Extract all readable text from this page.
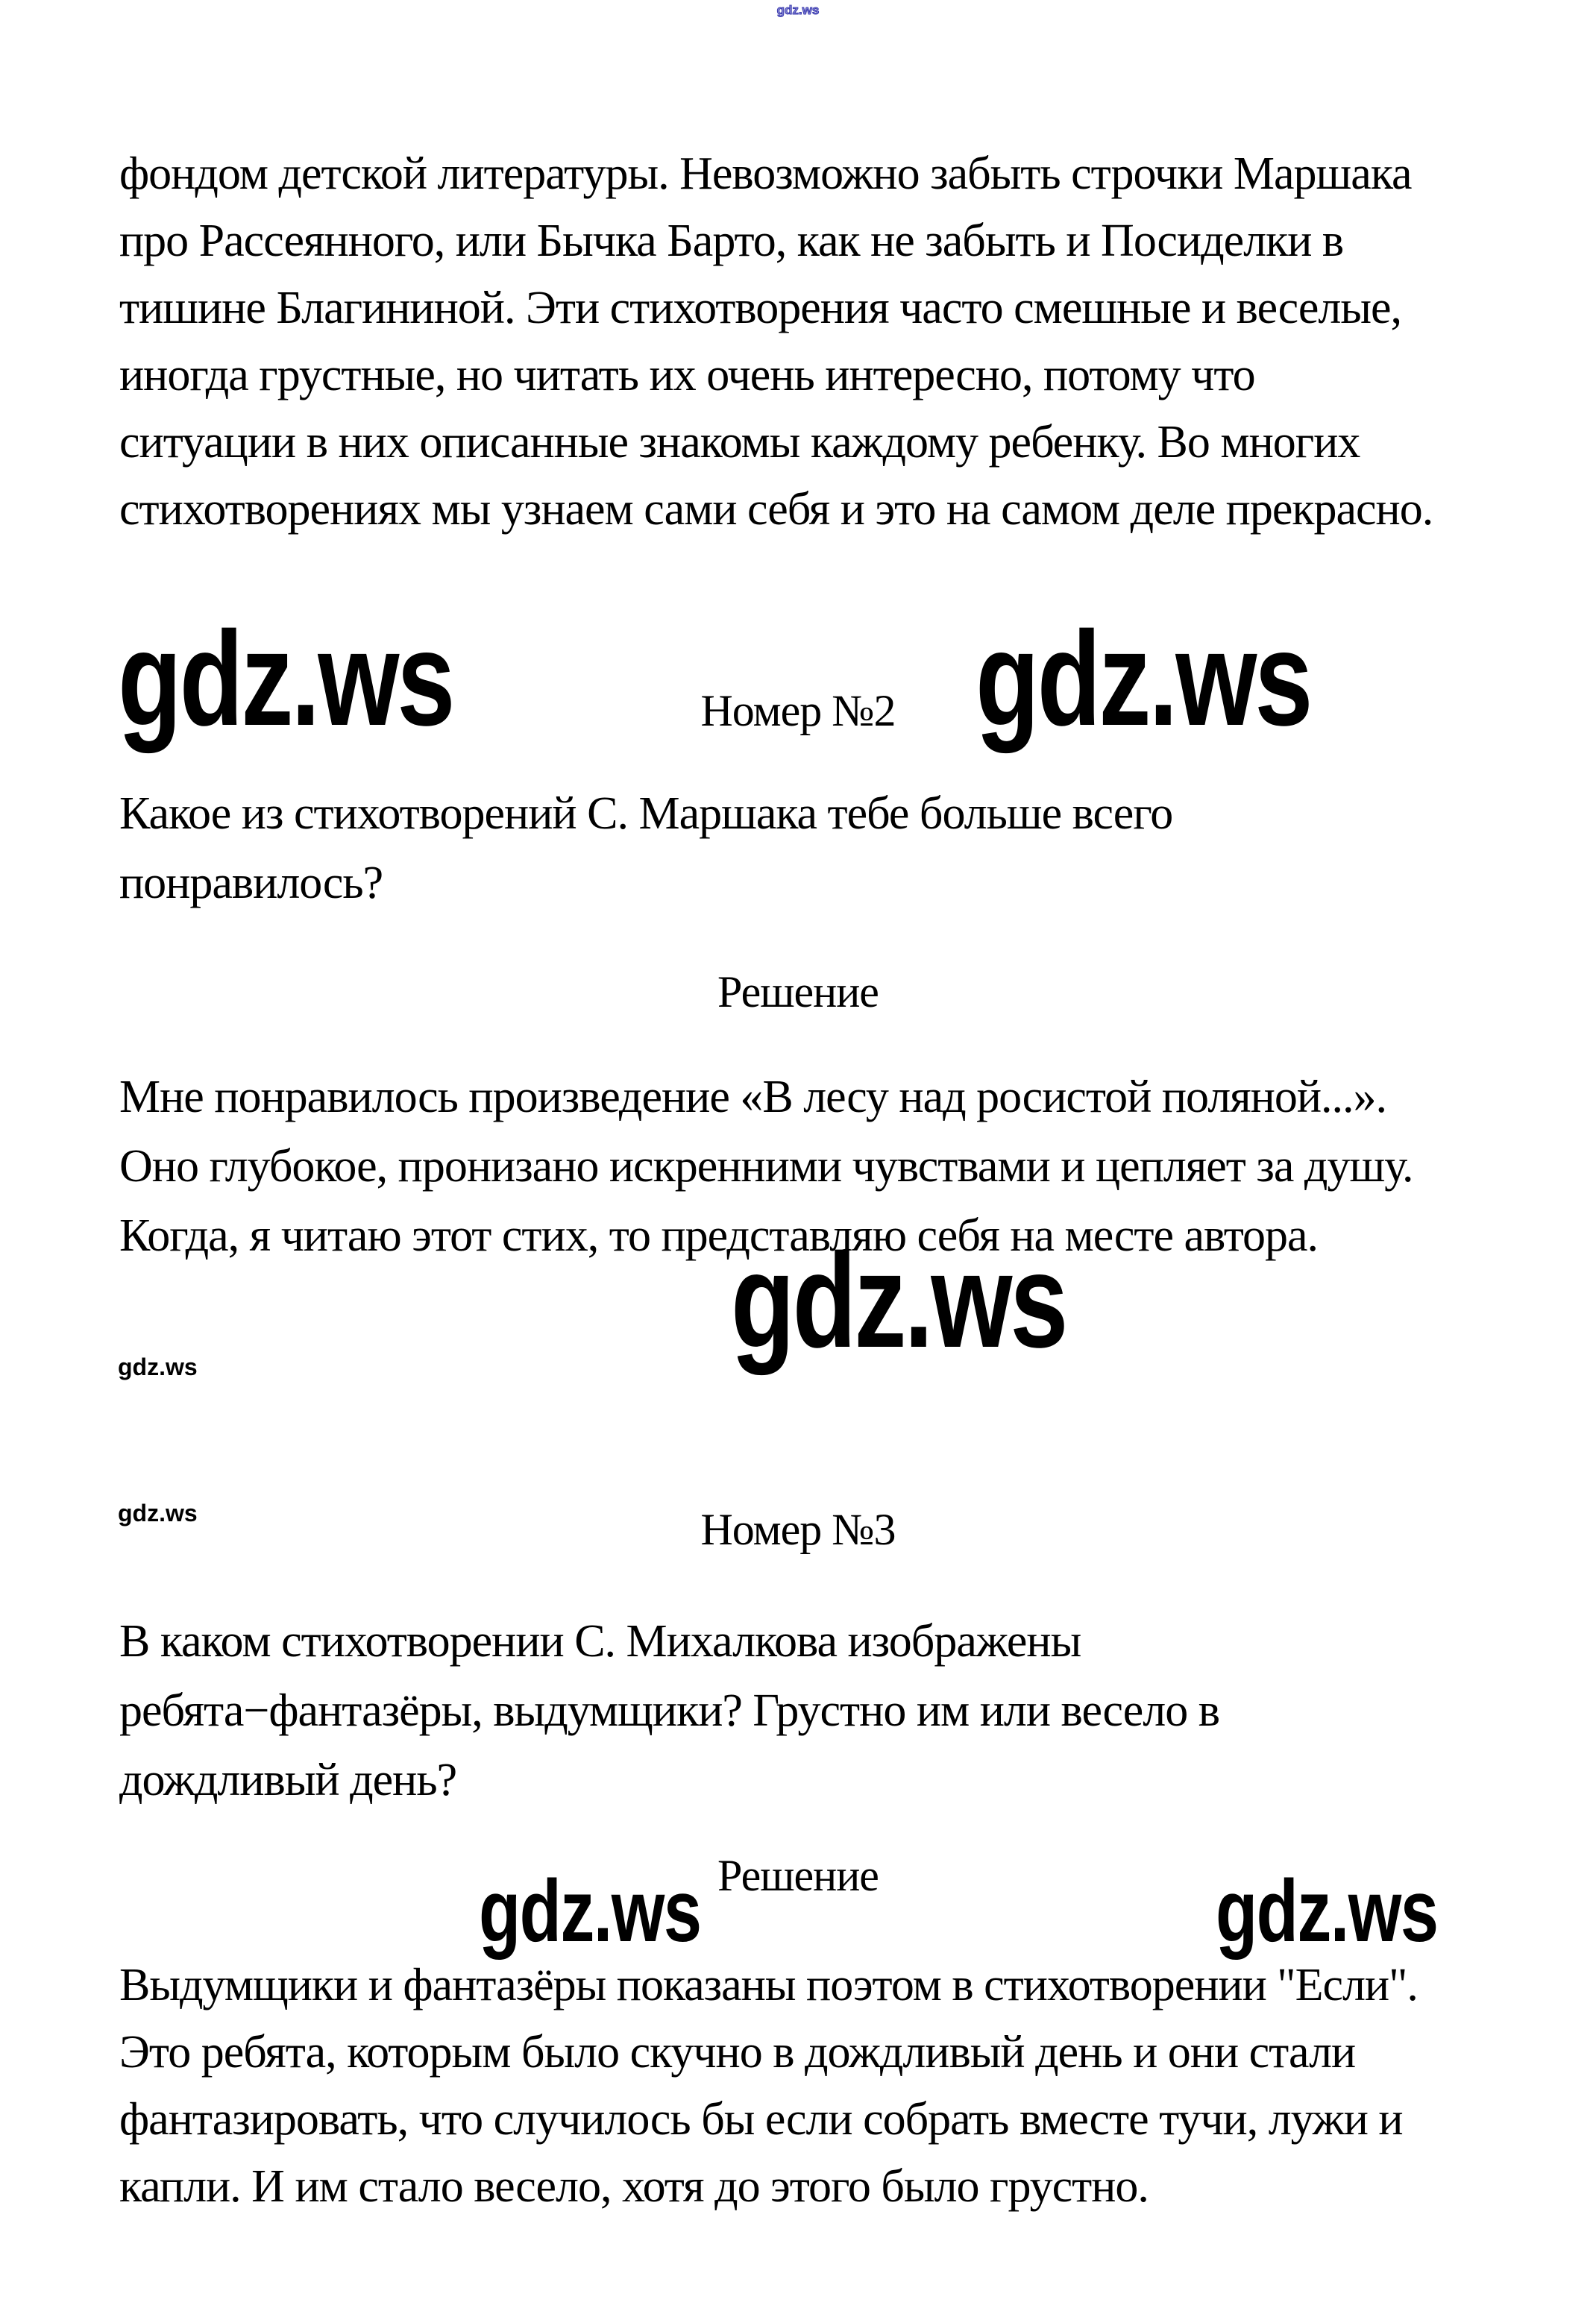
gdz.ws
фондом детской литературы. Невозможно забыть строчки Маршака
про Рассеянного, или Бычка Барто, как не забыть и Посиделки в
тишине Благининой. Эти стихотворения часто смешные и веселые,
иногда грустные, но читать их очень интересно, потому что
ситуации в них описанные знакомы каждому ребенку. Во многих
стихотворениях мы узнаем сами себя и это на самом деле прекрасно.
gdz.ws	gdz.ws
Номер №2
Какое из стихотворений С. Маршака тебе больше всего
понравилось?
Решение
Мне понравилось произведение «В лесу над росистой поляной...».
Оно глубокое, пронизано искренними чувствами и цепляет за душу.
Когда, я читаю этот стих, то представляю себя на месте автора.
gdz.ws
gdz.ws
gdz.ws	Номер №3
В каком стихотворении С. Михалкова изображены
ребята−фантазёры, выдумщики? Грустно им или весело в
дождливый день?
Решение
gdz.ws	gdz.ws
Выдумщики и фантазёры показаны поэтом в стихотворении "Если".
Это ребята, которым было скучно в дождливый день и они стали
фантазировать, что случилось бы если собрать вместе тучи, лужи и
капли. И им стало весело, хотя до этого было грустно.
